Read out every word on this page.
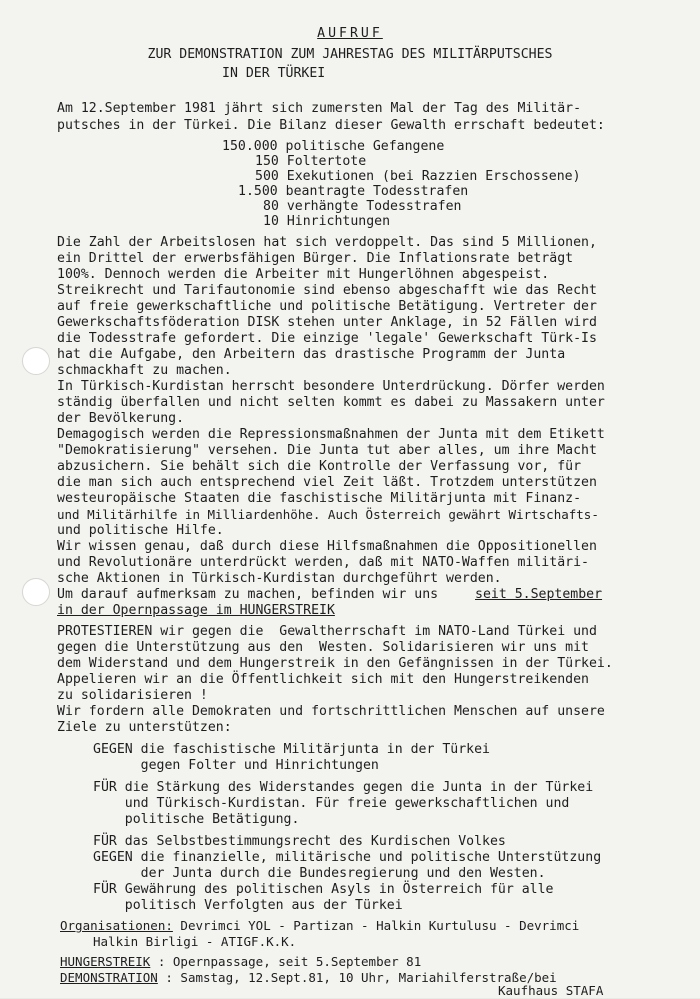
AUFRUF
ZUR DEMONSTRATION ZUM JAHRESTAG DES MILITÄRPUTSCHES
IN DER TÜRKEI
Am 12.September 1981 jährt sich zumersten Mal der Tag des Militär-
putsches in der Türkei. Die Bilanz dieser Gewalth errschaft bedeutet:
150.000 politische Gefangene
150 Foltertote
500 Exekutionen (bei Razzien Erschossene)
1.500 beantragte Todesstrafen
80 verhängte Todesstrafen
10 Hinrichtungen
Die Zahl der Arbeitslosen hat sich verdoppelt. Das sind 5 Millionen,
ein Drittel der erwerbsfähigen Bürger. Die Inflationsrate beträgt
100%. Dennoch werden die Arbeiter mit Hungerlöhnen abgespeist.
Streikrecht und Tarifautonomie sind ebenso abgeschafft wie das Recht
auf freie gewerkschaftliche und politische Betätigung. Vertreter der
Gewerkschaftsföderation DISK stehen unter Anklage, in 52 Fällen wird
die Todesstrafe gefordert. Die einzige 'legale' Gewerkschaft Türk-Is
hat die Aufgabe, den Arbeitern das drastische Programm der Junta
schmackhaft zu machen.
In Türkisch-Kurdistan herrscht besondere Unterdrückung. Dörfer werden
ständig überfallen und nicht selten kommt es dabei zu Massakern unter
der Bevölkerung.
Demagogisch werden die Repressionsmaßnahmen der Junta mit dem Etikett
"Demokratisierung" versehen. Die Junta tut aber alles, um ihre Macht
abzusichern. Sie behält sich die Kontrolle der Verfassung vor, für
die man sich auch entsprechend viel Zeit läßt. Trotzdem unterstützen
westeuropäische Staaten die faschistische Militärjunta mit Finanz-
und Militärhilfe in Milliardenhöhe. Auch Österreich gewährt Wirtschafts-
und politische Hilfe.
Wir wissen genau, daß durch diese Hilfsmaßnahmen die Oppositionellen
und Revolutionäre unterdrückt werden, daß mit NATO-Waffen militäri-
sche Aktionen in Türkisch-Kurdistan durchgeführt werden.
Um darauf aufmerksam zu machen, befinden wir uns seit 5.September
in der Opernpassage im HUNGERSTREIK
PROTESTIEREN wir gegen die  Gewaltherrschaft im NATO-Land Türkei und
gegen die Unterstützung aus den  Westen. Solidarisieren wir uns mit
dem Widerstand und dem Hungerstreik in den Gefängnissen in der Türkei.
Appelieren wir an die Öffentlichkeit sich mit den Hungerstreikenden
zu solidarisieren !
Wir fordern alle Demokraten und fortschrittlichen Menschen auf unsere
Ziele zu unterstützen:
GEGEN die faschistische Militärjunta in der Türkei
gegen Folter und Hinrichtungen
FÜR die Stärkung des Widerstandes gegen die Junta in der Türkei
und Türkisch-Kurdistan. Für freie gewerkschaftlichen und
politische Betätigung.
FÜR das Selbstbestimmungsrecht des Kurdischen Volkes
GEGEN die finanzielle, militärische und politische Unterstützung
der Junta durch die Bundesregierung und den Westen.
FÜR Gewährung des politischen Asyls in Österreich für alle
politisch Verfolgten aus der Türkei
Organisationen: Devrimci YOL - Partizan - Halkin Kurtulusu - Devrimci
Halkin Birligi - ATIGF.K.K.
HUNGERSTREIK : Opernpassage, seit 5.September 81
DEMONSTRATION : Samstag, 12.Sept.81, 10 Uhr, Mariahilferstraße/bei
Kaufhaus STAFA
